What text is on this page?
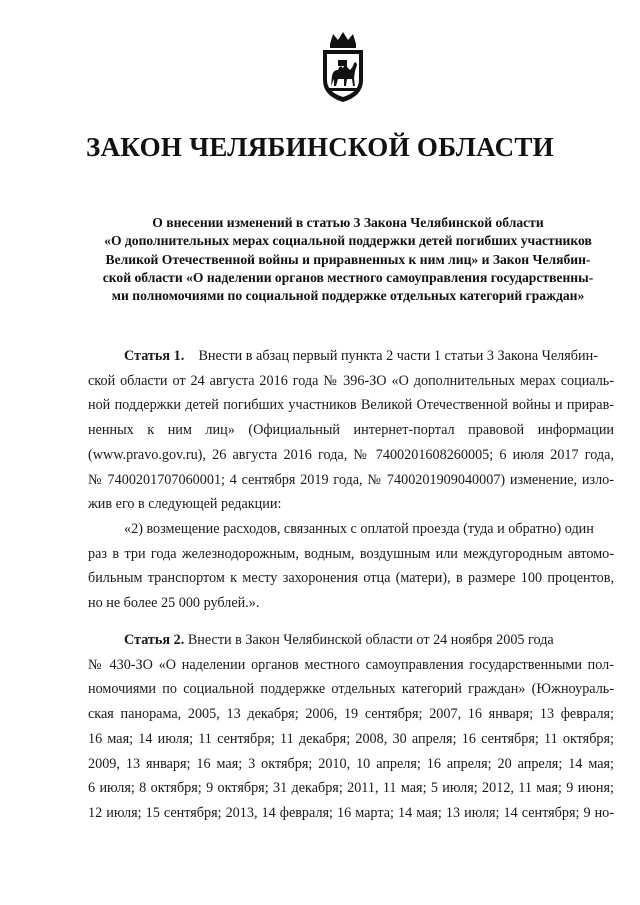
ЗАКОН ЧЕЛЯБИНСКОЙ ОБЛАСТИ
О внесении изменений в статью 3 Закона Челябинской области
«О дополнительных мерах социальной поддержки детей погибших участников
Великой Отечественной войны и приравненных к ним лиц» и Закон Челябин-
ской области «О наделении органов местного самоуправления государственны-
ми полномочиями по социальной поддержке отдельных категорий граждан»
Статья 1. Внести в абзац первый пункта 2 части 1 статьи 3 Закона Челябин-
ской области от 24 августа 2016 года № 396-ЗО «О дополнительных мерах социаль-
ной поддержки детей погибших участников Великой Отечественной войны и прирав-
ненных к ним лиц» (Официальный интернет-портал правовой информации
(www.pravo.gov.ru), 26 августа 2016 года, № 7400201608260005; 6 июля 2017 года,
№ 7400201707060001; 4 сентября 2019 года, № 7400201909040007) изменение, изло-
жив его в следующей редакции:
«2) возмещение расходов, связанных с оплатой проезда (туда и обратно) один
раз в три года железнодорожным, водным, воздушным или междугородным автомо-
бильным транспортом к месту захоронения отца (матери), в размере 100 процентов,
но не более 25 000 рублей.».
Статья 2. Внести в Закон Челябинской области от 24 ноября 2005 года
№ 430-ЗО «О наделении органов местного самоуправления государственными пол-
номочиями по социальной поддержке отдельных категорий граждан» (Южноураль-
ская панорама, 2005, 13 декабря; 2006, 19 сентября; 2007, 16 января; 13 февраля;
16 мая; 14 июля; 11 сентября; 11 декабря; 2008, 30 апреля; 16 сентября; 11 октября;
2009, 13 января; 16 мая; 3 октября; 2010, 10 апреля; 16 апреля; 20 апреля; 14 мая;
6 июля; 8 октября; 9 октября; 31 декабря; 2011, 11 мая; 5 июля; 2012, 11 мая; 9 июня;
12 июля; 15 сентября; 2013, 14 февраля; 16 марта; 14 мая; 13 июля; 14 сентября; 9 но-
